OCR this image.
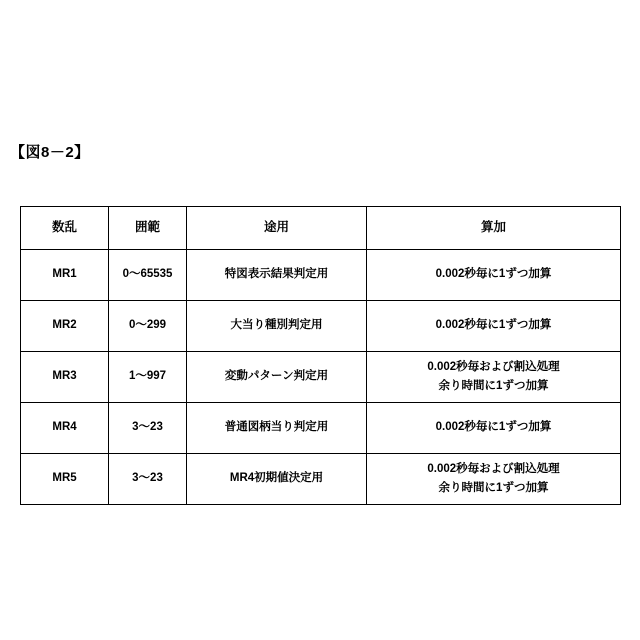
【図8－2】
数乱	囲範	途用	算加
MR1	0～65535	特図表示結果判定用	0.002秒毎に1ずつ加算

MR2	0～299	大当り種別判定用	0.002秒毎に1ずつ加算

MR3	1～997	変動パターン判定用	0.002秒毎および割込処理
余り時間に1ずつ加算

MR4	3～23	普通図柄当り判定用	0.002秒毎に1ずつ加算

MR5	3～23	MR4初期値決定用	0.002秒毎および割込処理
余り時間に1ずつ加算
